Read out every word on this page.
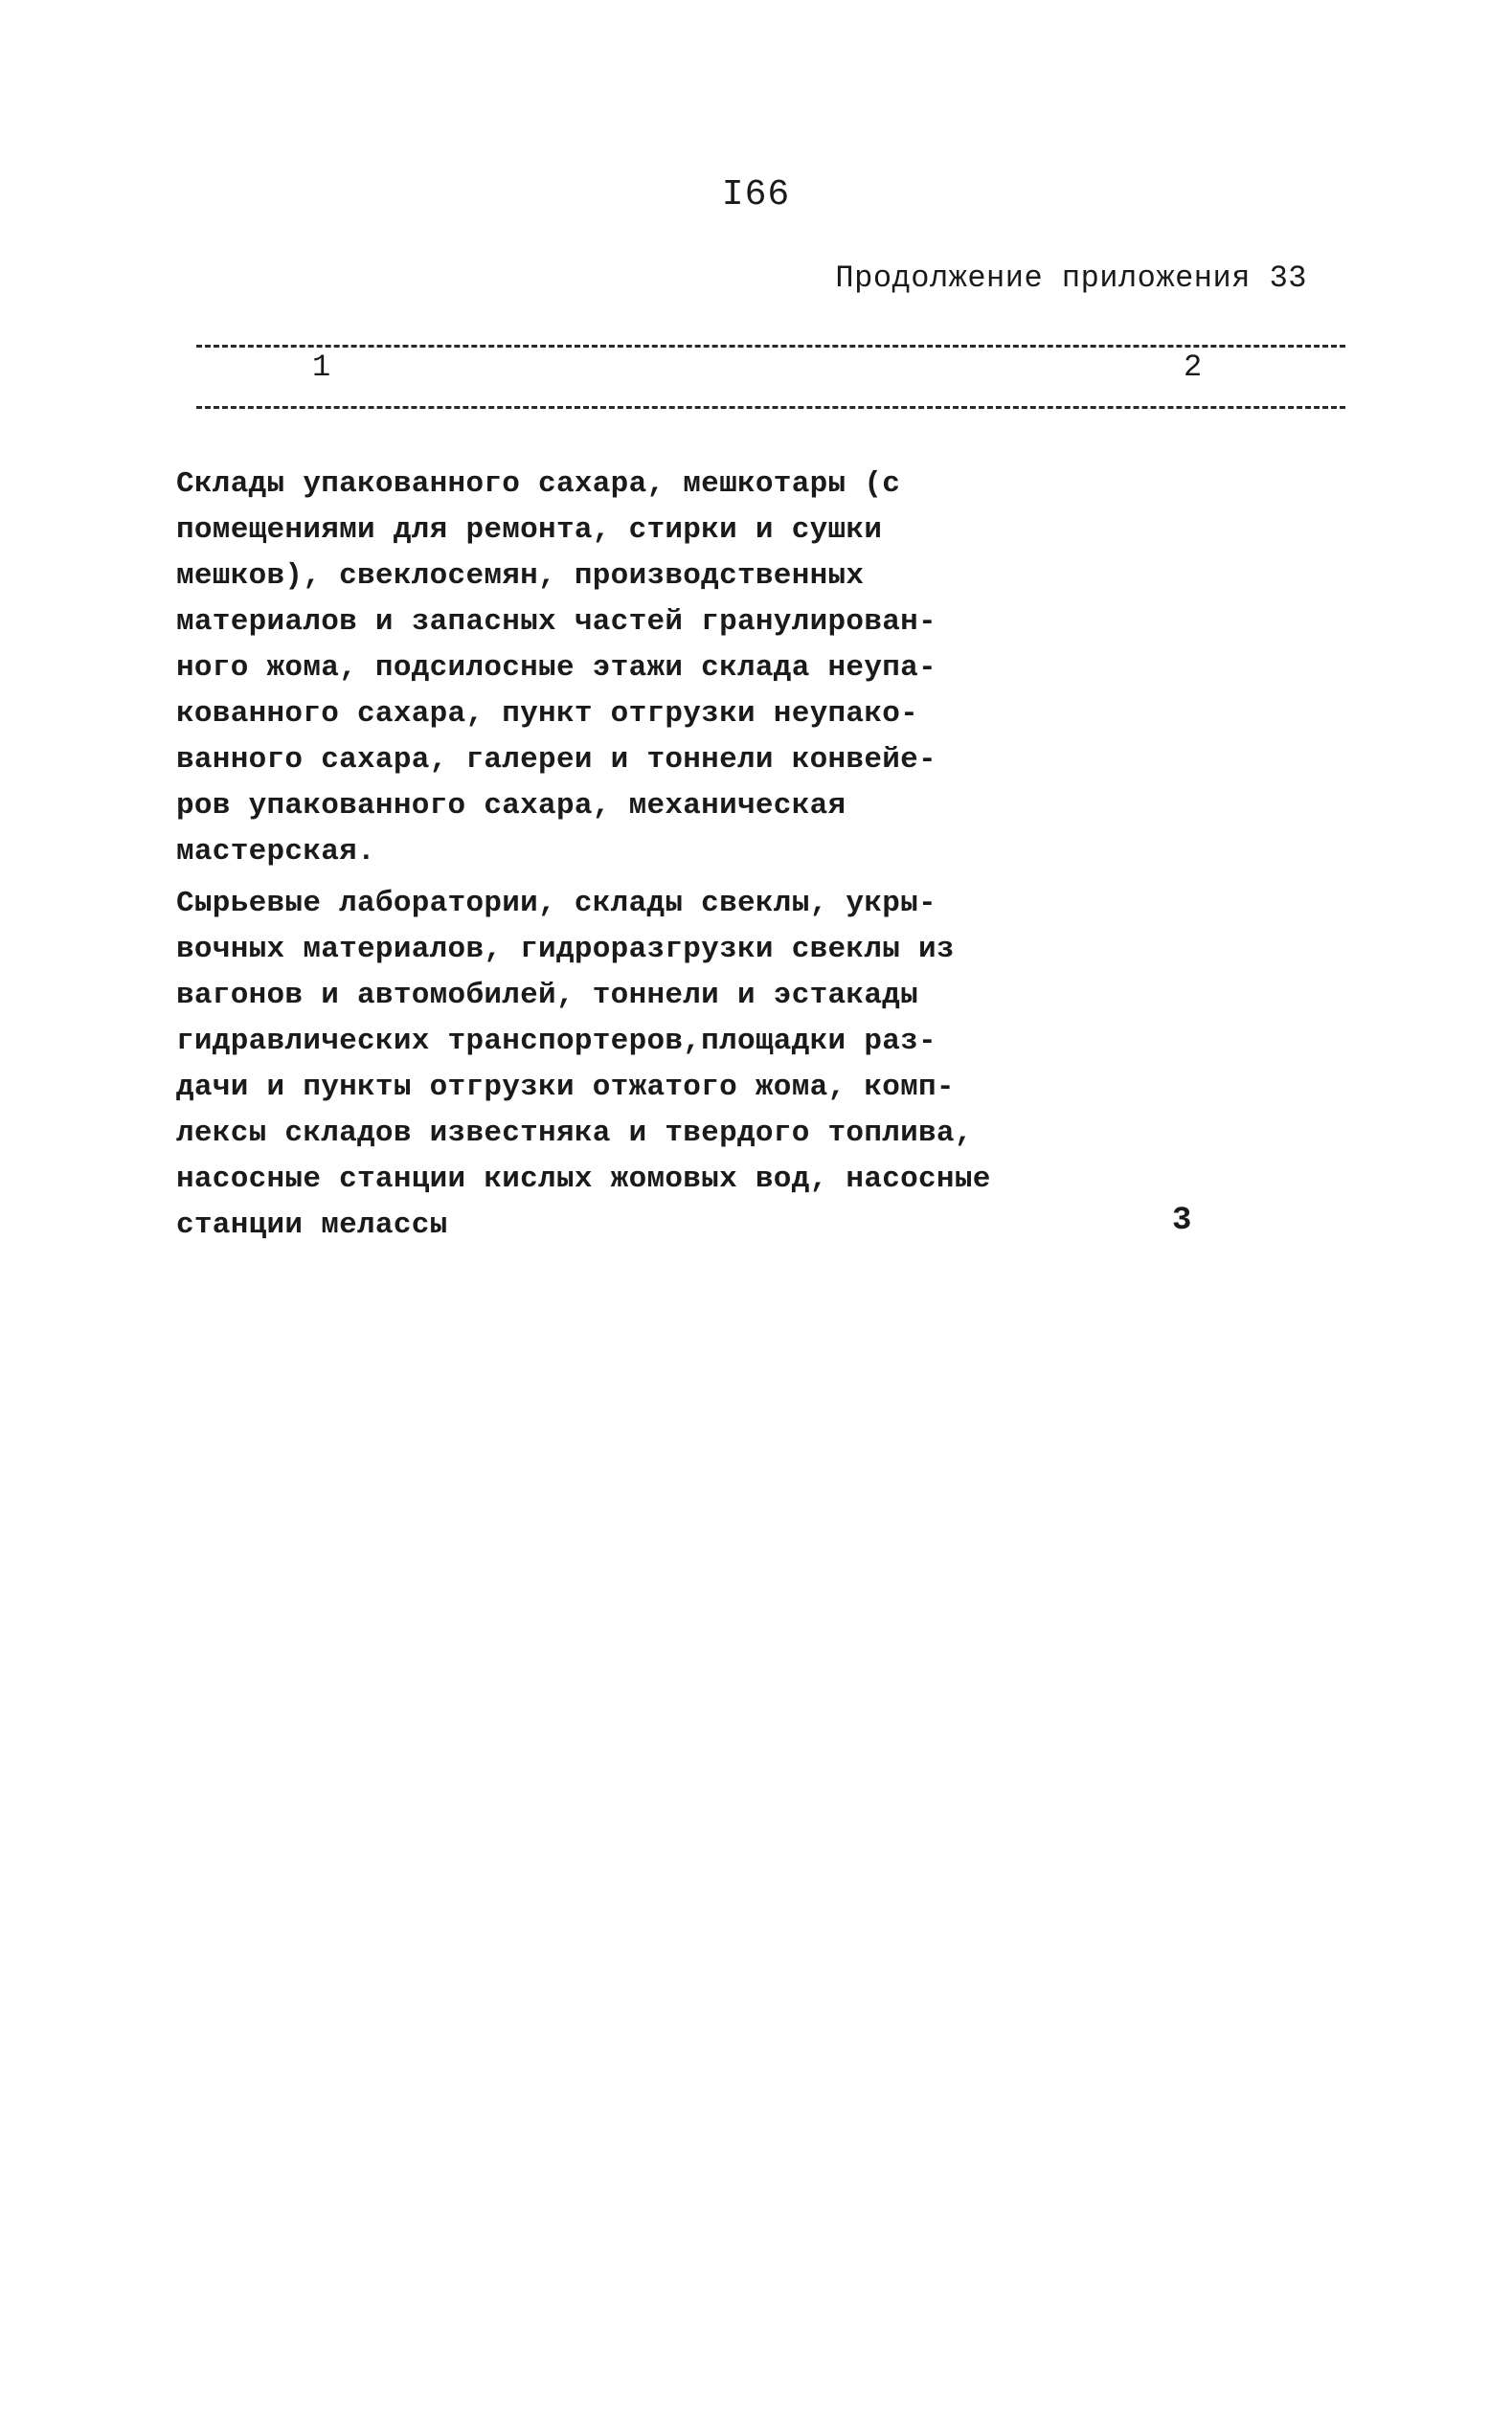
I66
Продолжение приложения 33
1	2
Склады упакованного сахара, мешкотары (с
помещениями для ремонта, стирки и сушки
мешков), свеклосемян, производственных
материалов и запасных частей гранулирован-
ного жома, подсилосные этажи склада неупа-
кованного сахара, пункт отгрузки неупако-
ванного сахара, галереи и тоннели конвейе-
ров упакованного сахара, механическая
мастерская.
Сырьевые лаборатории, склады свеклы, укры-
вочных материалов, гидроразгрузки свеклы из
вагонов и автомобилей, тоннели и эстакады
гидравлических транспортеров,площадки раз-
дачи и пункты отгрузки отжатого жома, комп-
лексы складов известняка и твердого топлива,
насосные станции кислых жомовых вод, насосные
станции мелассы	3
